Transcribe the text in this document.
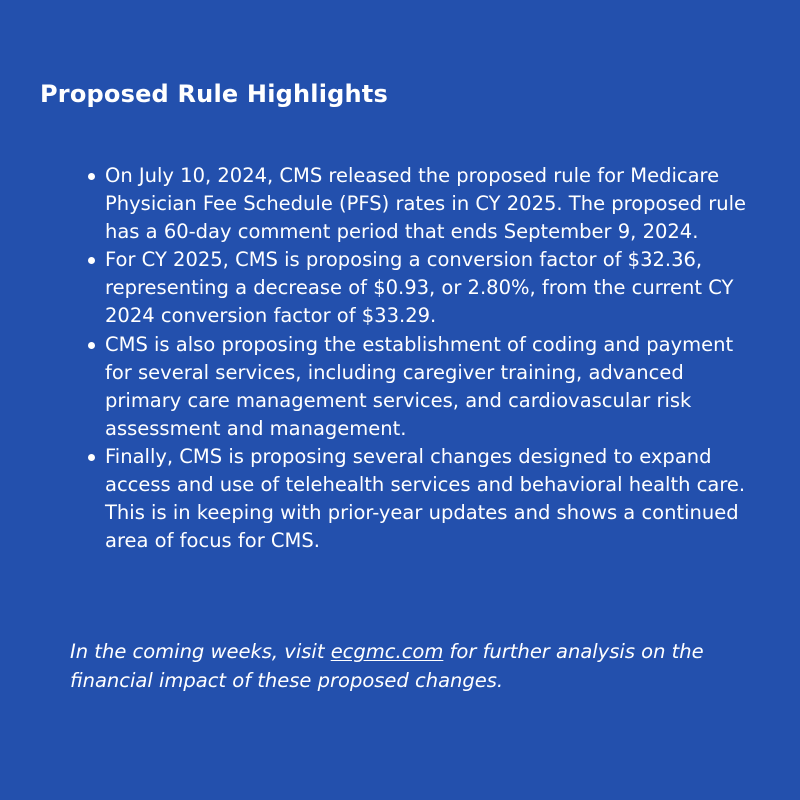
Proposed Rule Highlights
On July 10, 2024, CMS released the proposed rule for Medicare Physician Fee Schedule (PFS) rates in CY 2025. The proposed rule has a 60-day comment period that ends September 9, 2024.
For CY 2025, CMS is proposing a conversion factor of $32.36, representing a decrease of $0.93, or 2.80%, from the current CY 2024 conversion factor of $33.29.
CMS is also proposing the establishment of coding and payment for several services, including caregiver training, advanced primary care management services, and cardiovascular risk assessment and management.
Finally, CMS is proposing several changes designed to expand access and use of telehealth services and behavioral health care. This is in keeping with prior-year updates and shows a continued area of focus for CMS.

In the coming weeks, visit ecgmc.com for further analysis on the financial impact of these proposed changes.
